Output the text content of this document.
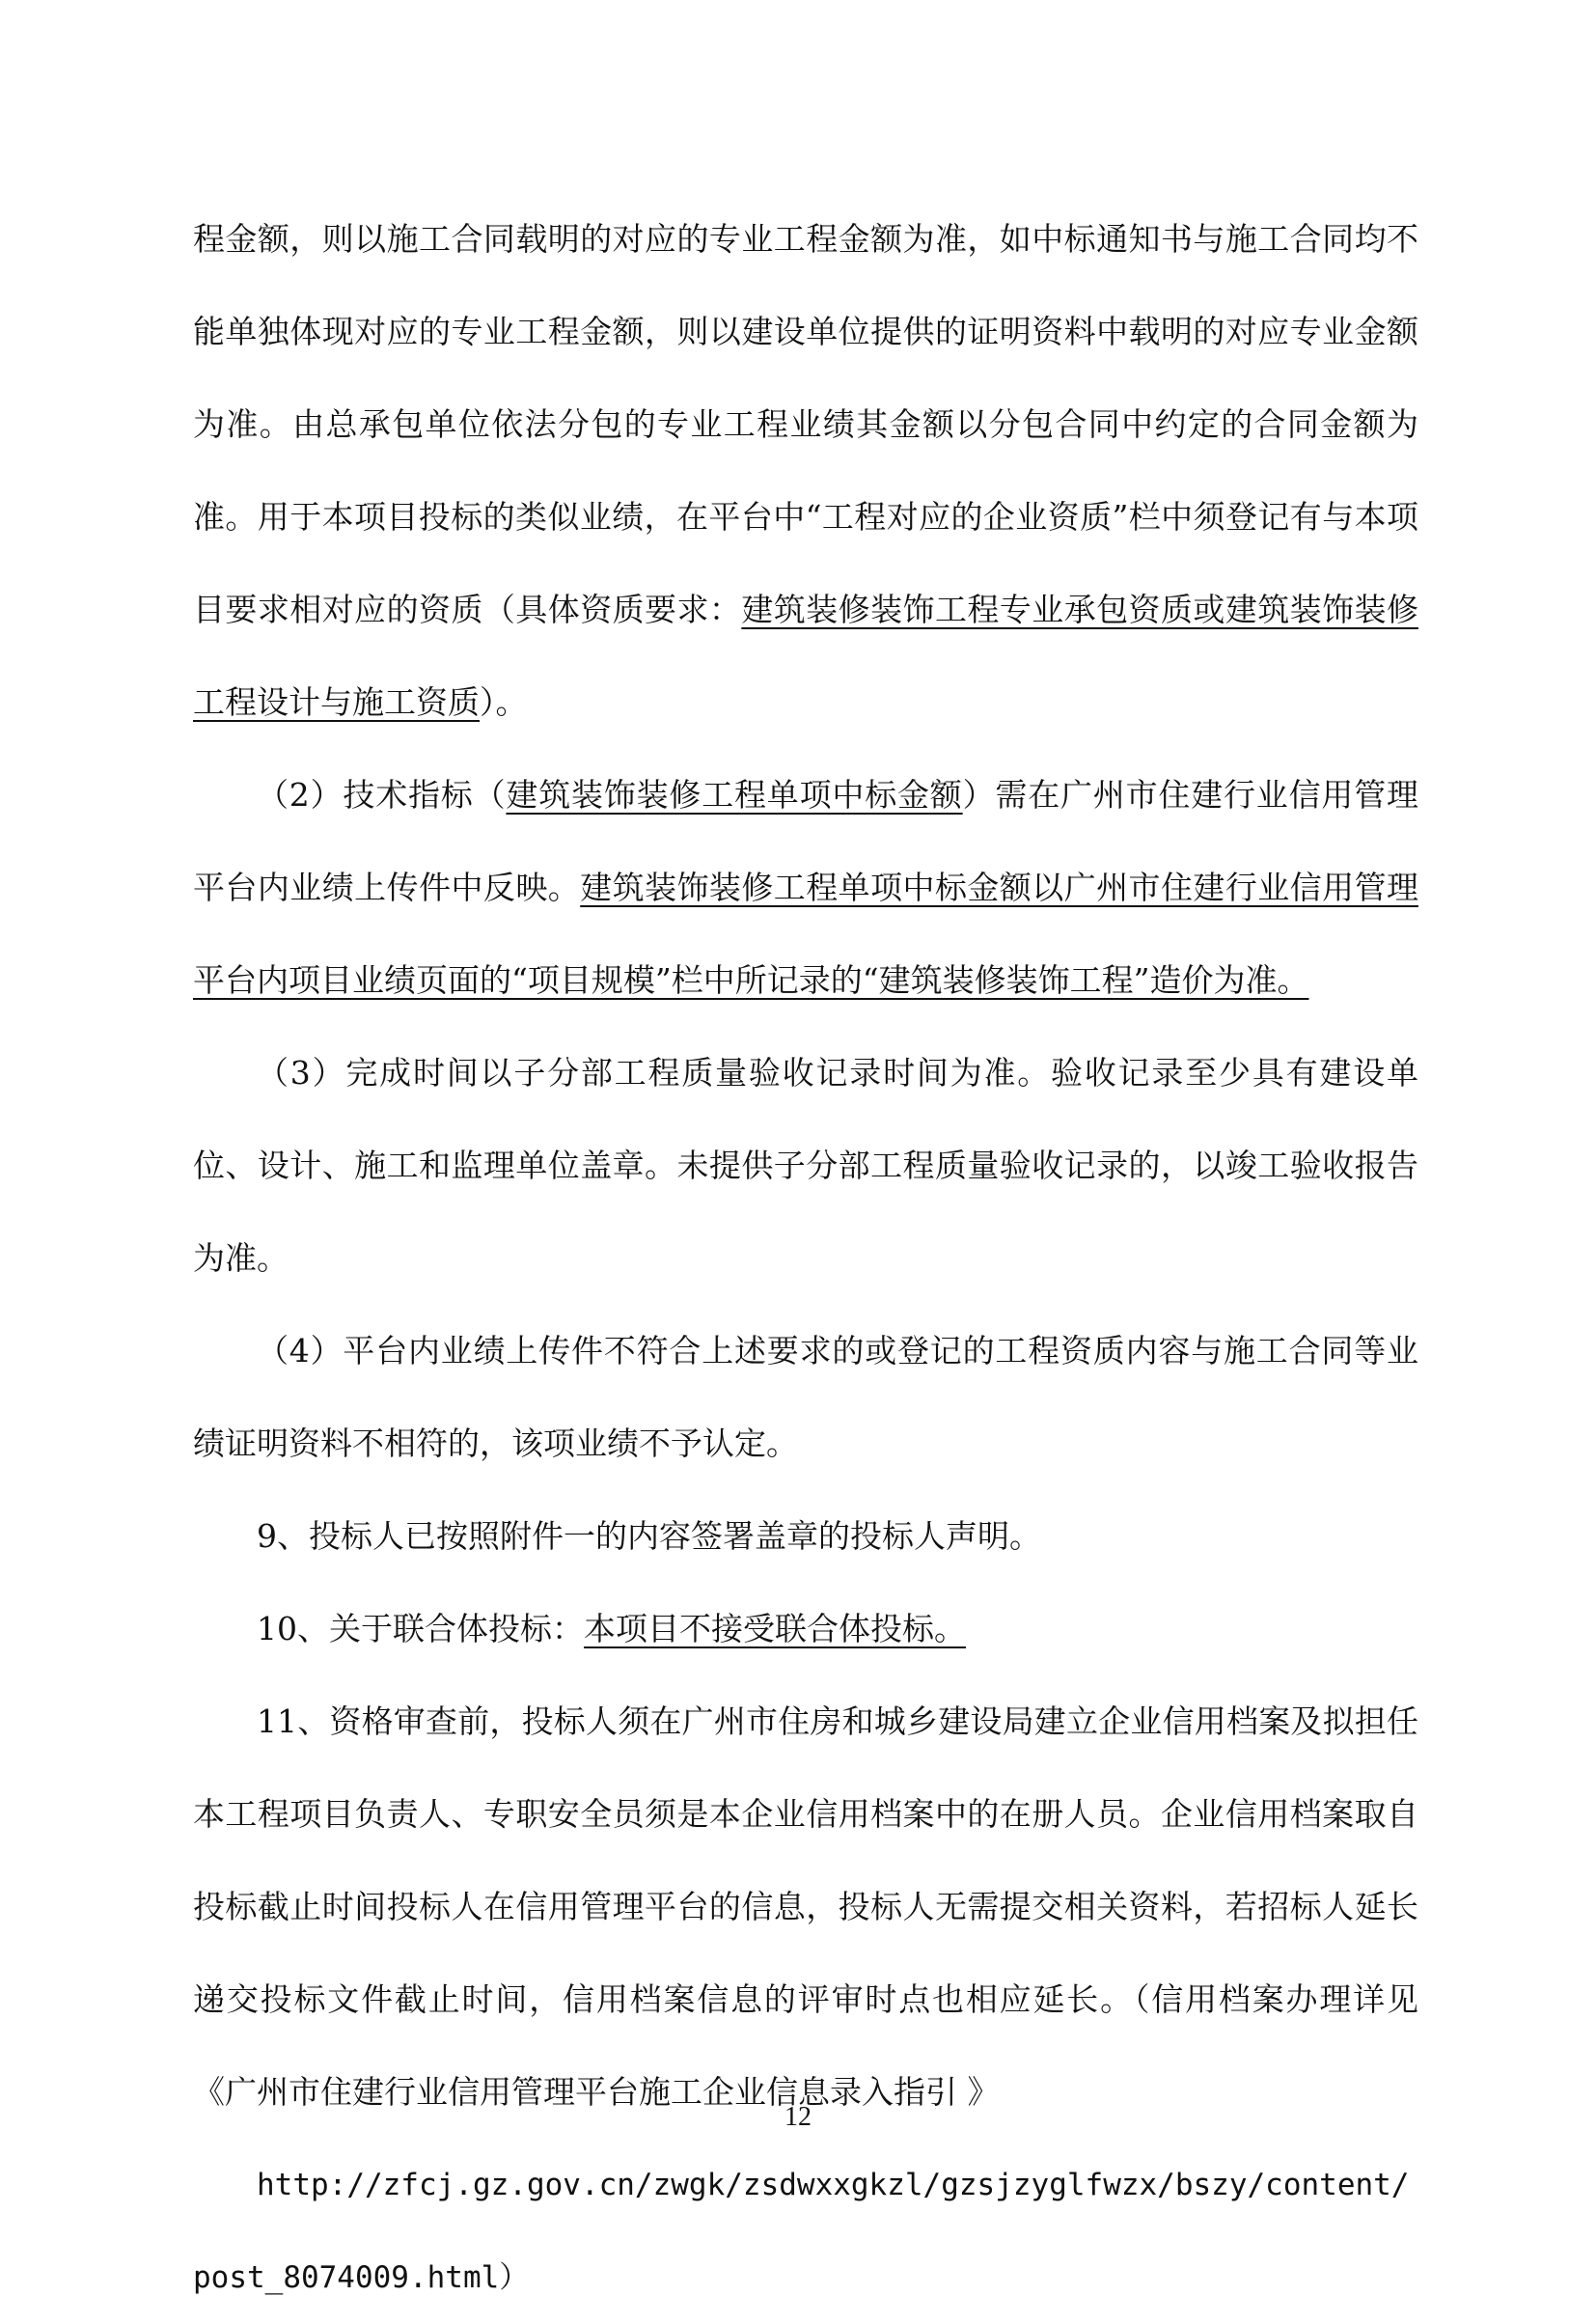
程金额，则以施工合同载明的对应的专业工程金额为准，如中标通知书与施工合同均不能单独体现对应的专业工程金额，则以建设单位提供的证明资料中载明的对应专业金额为准。由总承包单位依法分包的专业工程业绩其金额以分包合同中约定的合同金额为准。用于本项目投标的类似业绩，在平台中“工程对应的企业资质”栏中须登记有与本项目要求相对应的资质（具体资质要求：建筑装修装饰工程专业承包资质或建筑装饰装修工程设计与施工资质）。

（2）技术指标（建筑装饰装修工程单项中标金额）需在广州市住建行业信用管理平台内业绩上传件中反映。建筑装饰装修工程单项中标金额以广州市住建行业信用管理平台内项目业绩页面的“项目规模”栏中所记录的“建筑装修装饰工程”造价为准。

（3）完成时间以子分部工程质量验收记录时间为准。验收记录至少具有建设单位、设计、施工和监理单位盖章。未提供子分部工程质量验收记录的，以竣工验收报告为准。

（4）平台内业绩上传件不符合上述要求的或登记的工程资质内容与施工合同等业绩证明资料不相符的，该项业绩不予认定。

9、投标人已按照附件一的内容签署盖章的投标人声明。

10、关于联合体投标：本项目不接受联合体投标。

11、资格审查前，投标人须在广州市住房和城乡建设局建立企业信用档案及拟担任本工程项目负责人、专职安全员须是本企业信用档案中的在册人员。企业信用档案取自投标截止时间投标人在信用管理平台的信息，投标人无需提交相关资料，若招标人延长递交投标文件截止时间，信用档案信息的评审时点也相应延长。（信用档案办理详见《广州市住建行业信用管理平台施工企业信息录入指引 》

http://zfcj.gz.gov.cn/zwgk/zsdwxxgkzl/gzsjzyglfwzx/bszy/content/post_8074009.html）

12
